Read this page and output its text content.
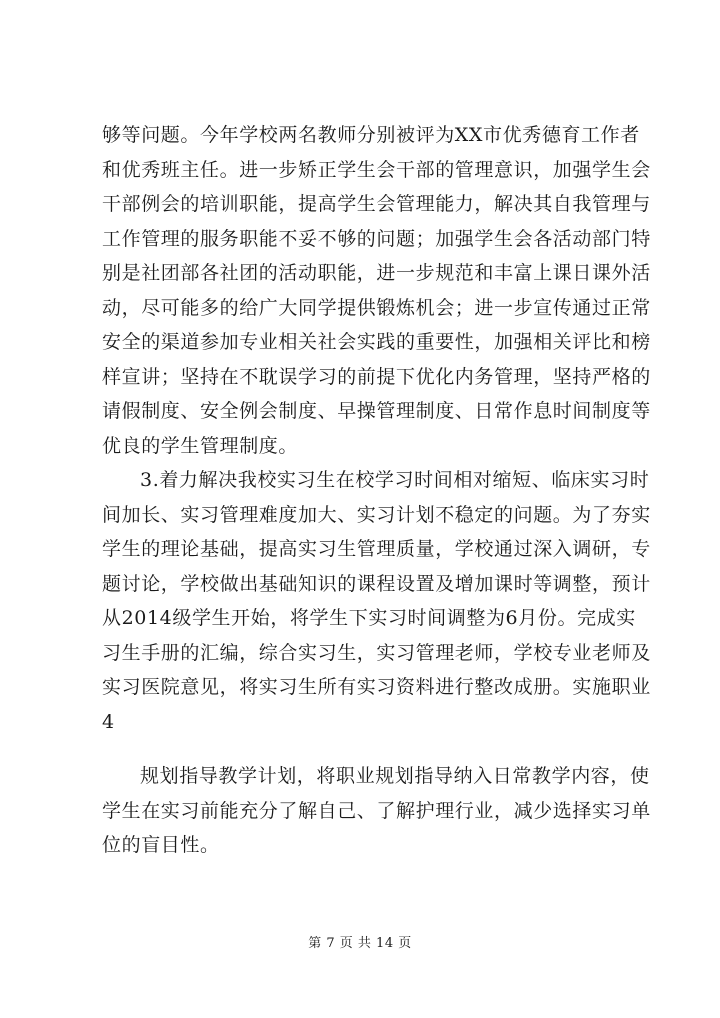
够等问题。今年学校两名教师分别被评为XX市优秀德育工作者
和优秀班主任。进一步矫正学生会干部的管理意识，加强学生会
干部例会的培训职能，提高学生会管理能力，解决其自我管理与
工作管理的服务职能不妥不够的问题；加强学生会各活动部门特
别是社团部各社团的活动职能，进一步规范和丰富上课日课外活
动，尽可能多的给广大同学提供锻炼机会；进一步宣传通过正常
安全的渠道参加专业相关社会实践的重要性，加强相关评比和榜
样宣讲；坚持在不耽误学习的前提下优化内务管理，坚持严格的
请假制度、安全例会制度、早操管理制度、日常作息时间制度等
优良的学生管理制度。
3.着力解决我校实习生在校学习时间相对缩短、临床实习时
间加长、实习管理难度加大、实习计划不稳定的问题。为了夯实
学生的理论基础，提高实习生管理质量，学校通过深入调研，专
题讨论，学校做出基础知识的课程设置及增加课时等调整，预计
从2014级学生开始，将学生下实习时间调整为6月份。完成实
习生手册的汇编，综合实习生，实习管理老师，学校专业老师及
实习医院意见，将实习生所有实习资料进行整改成册。实施职业
4
规划指导教学计划，将职业规划指导纳入日常教学内容，使
学生在实习前能充分了解自己、了解护理行业，减少选择实习单
位的盲目性。
第 7 页 共 14 页
